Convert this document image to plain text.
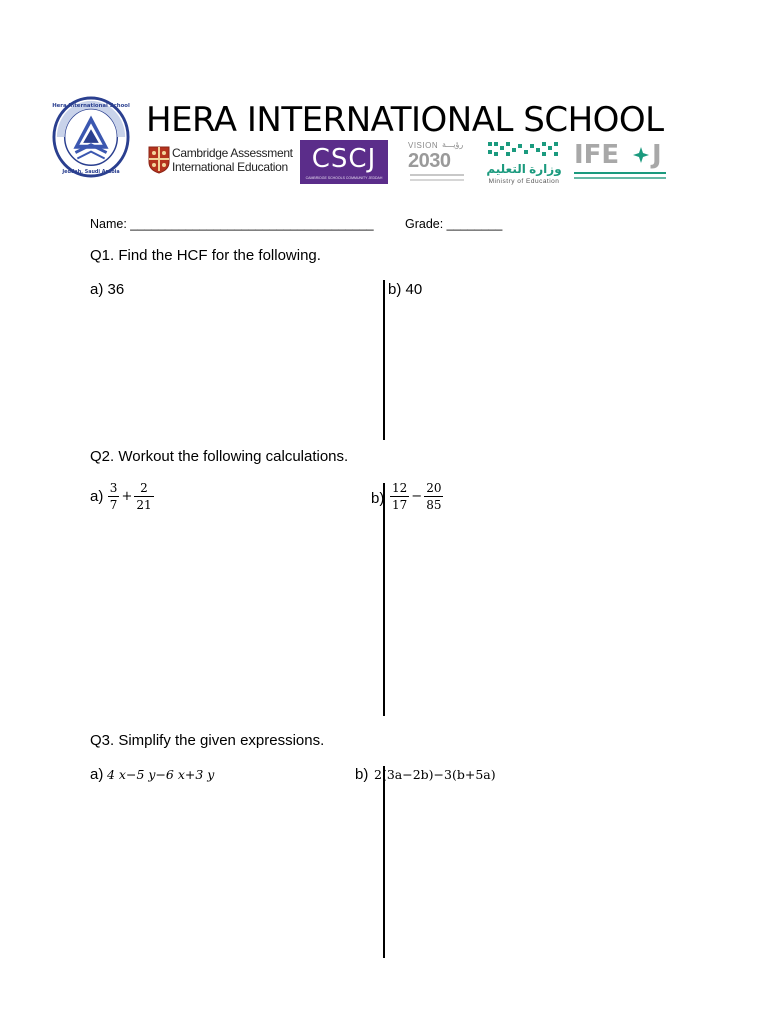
Hera International School
Jeddah, Saudi Arabia
HERA INTERNATIONAL SCHOOL
Cambridge Assessment
International Education CSCJ
CAMBRIDGE SCHOOLS COMMUNITY JEDDAH
VISION رؤيـــة
2030	وزارة التعليم
Ministry of Education
IFE J
Name: ___________________________________	Grade: ________
Q1. Find the HCF for the following.
a) 36	b) 40
Q2. Workout the following calculations.
$a) \frac{3}{7} + \frac{2}{21}$	$b) \frac{12}{17} - \frac{20}{85}$
Q3. Simplify the given expressions.
a) 4 x−5 y−6 x+3 y	b) 2(3a−2b)−3(b+5a)
